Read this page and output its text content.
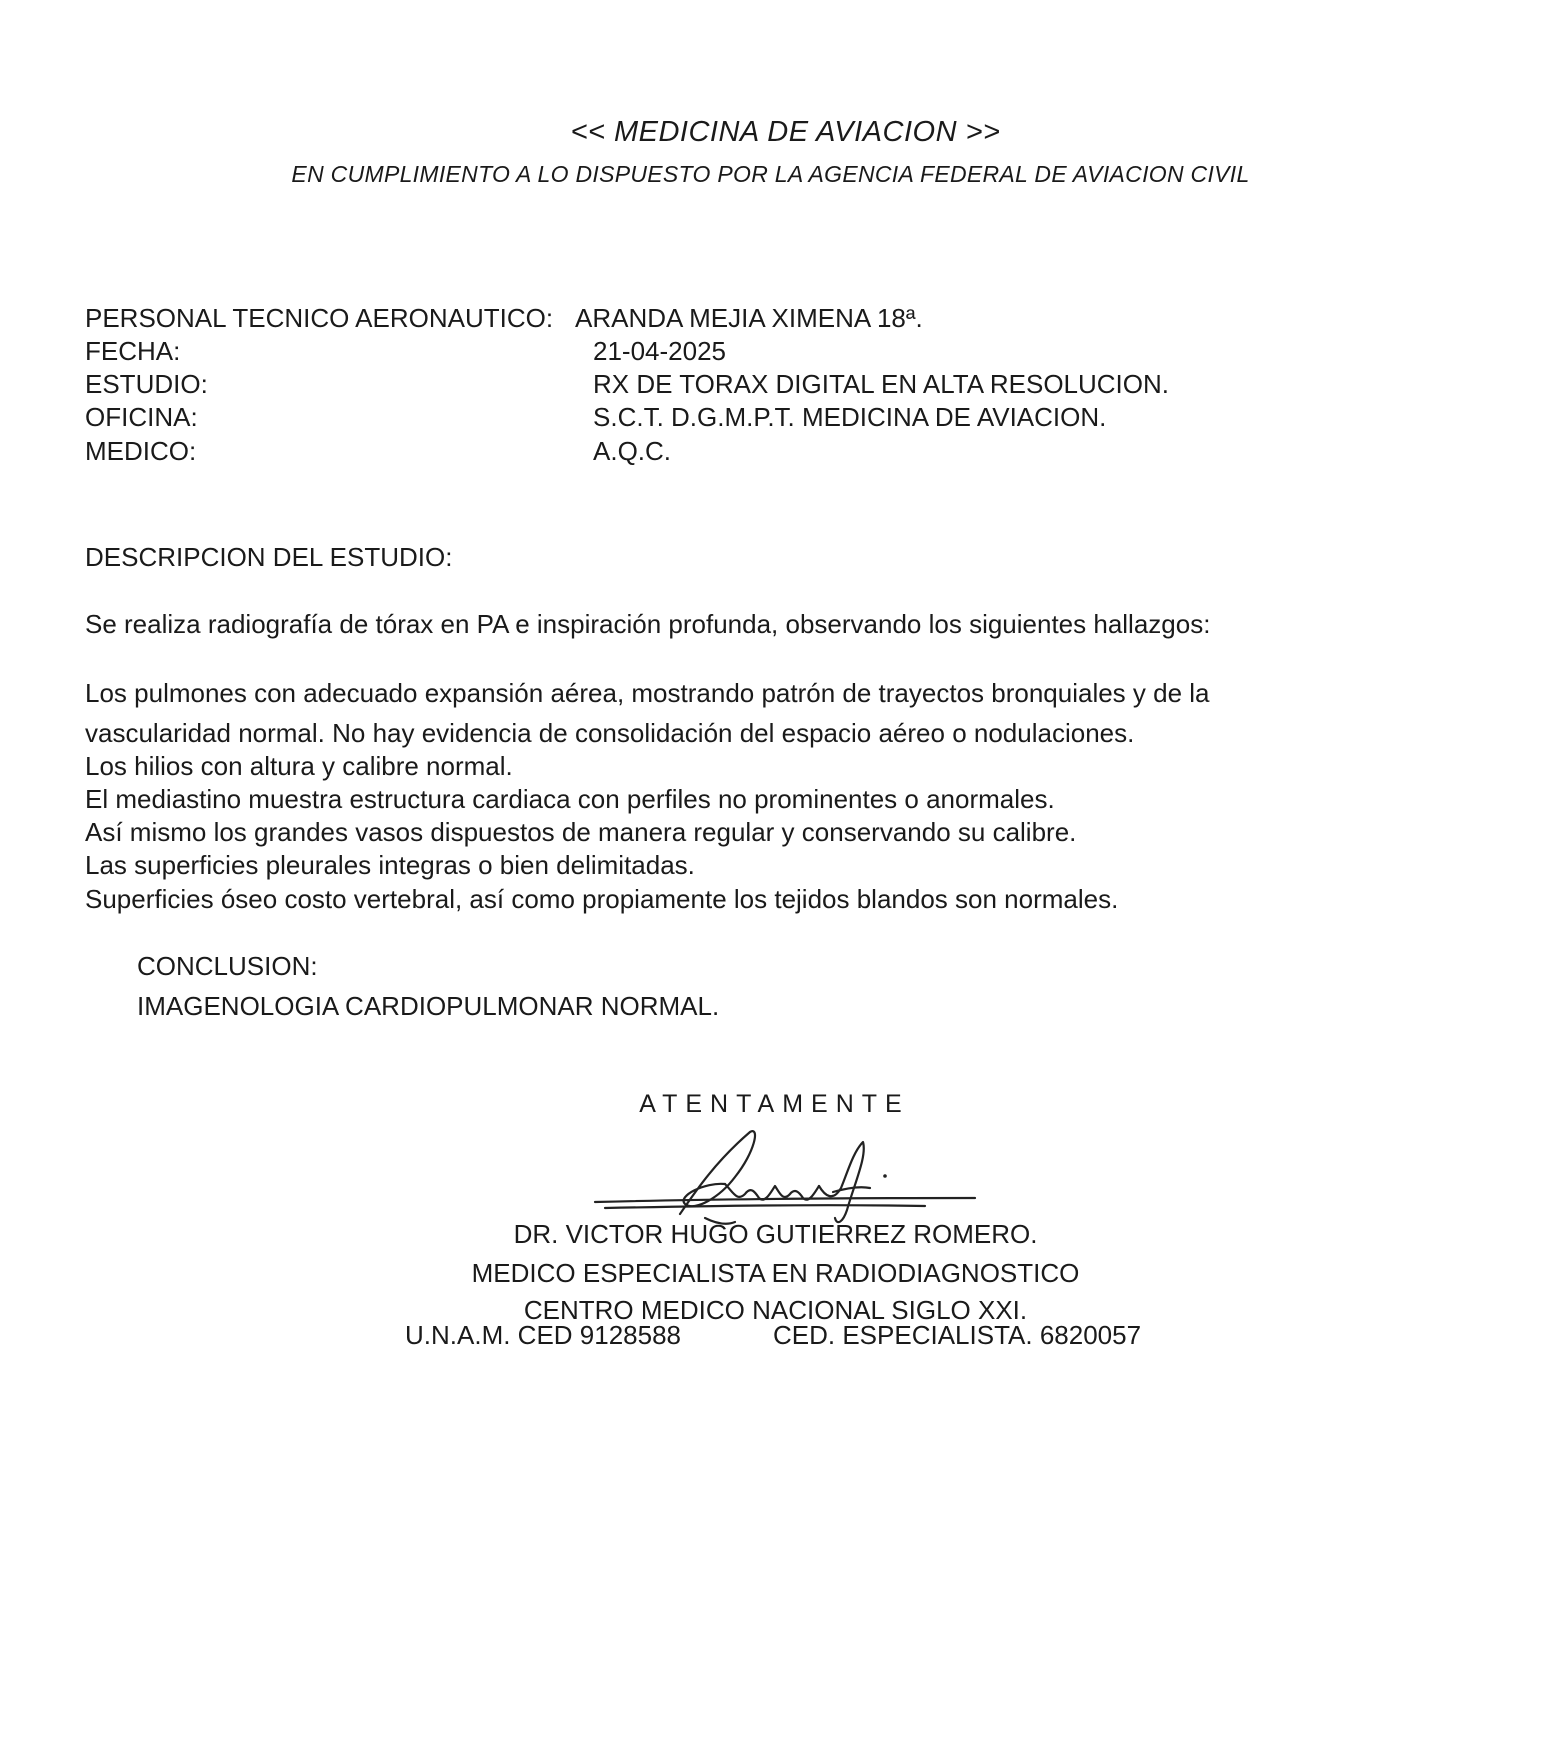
<< MEDICINA DE AVIACION >>
EN CUMPLIMIENTO A LO DISPUESTO POR LA AGENCIA FEDERAL DE AVIACION CIVIL
PERSONAL TECNICO AERONAUTICO: ARANDA MEJIA XIMENA 18ª.
FECHA:	21-04-2025
ESTUDIO:	RX DE TORAX DIGITAL EN ALTA RESOLUCION.
OFICINA:	S.C.T. D.G.M.P.T. MEDICINA DE AVIACION.
MEDICO:	A.Q.C.
DESCRIPCION DEL ESTUDIO:
Se realiza radiografía de tórax en PA e inspiración profunda, observando los siguientes hallazgos:
Los pulmones con adecuado expansión aérea, mostrando patrón de trayectos bronquiales y de la
vascularidad normal. No hay evidencia de consolidación del espacio aéreo o nodulaciones.
Los hilios con altura y calibre normal.
El mediastino muestra estructura cardiaca con perfiles no prominentes o anormales.
Así mismo los grandes vasos dispuestos de manera regular y conservando su calibre.
Las superficies pleurales integras o bien delimitadas.
Superficies óseo costo vertebral, así como propiamente los tejidos blandos son normales.
CONCLUSION:
IMAGENOLOGIA CARDIOPULMONAR NORMAL.
ATENTAMENTE
DR. VICTOR HUGO GUTIERREZ ROMERO.
MEDICO ESPECIALISTA EN RADIODIAGNOSTICO
CENTRO MEDICO NACIONAL SIGLO XXI.
U.N.A.M. CED 9128588	CED. ESPECIALISTA. 6820057
